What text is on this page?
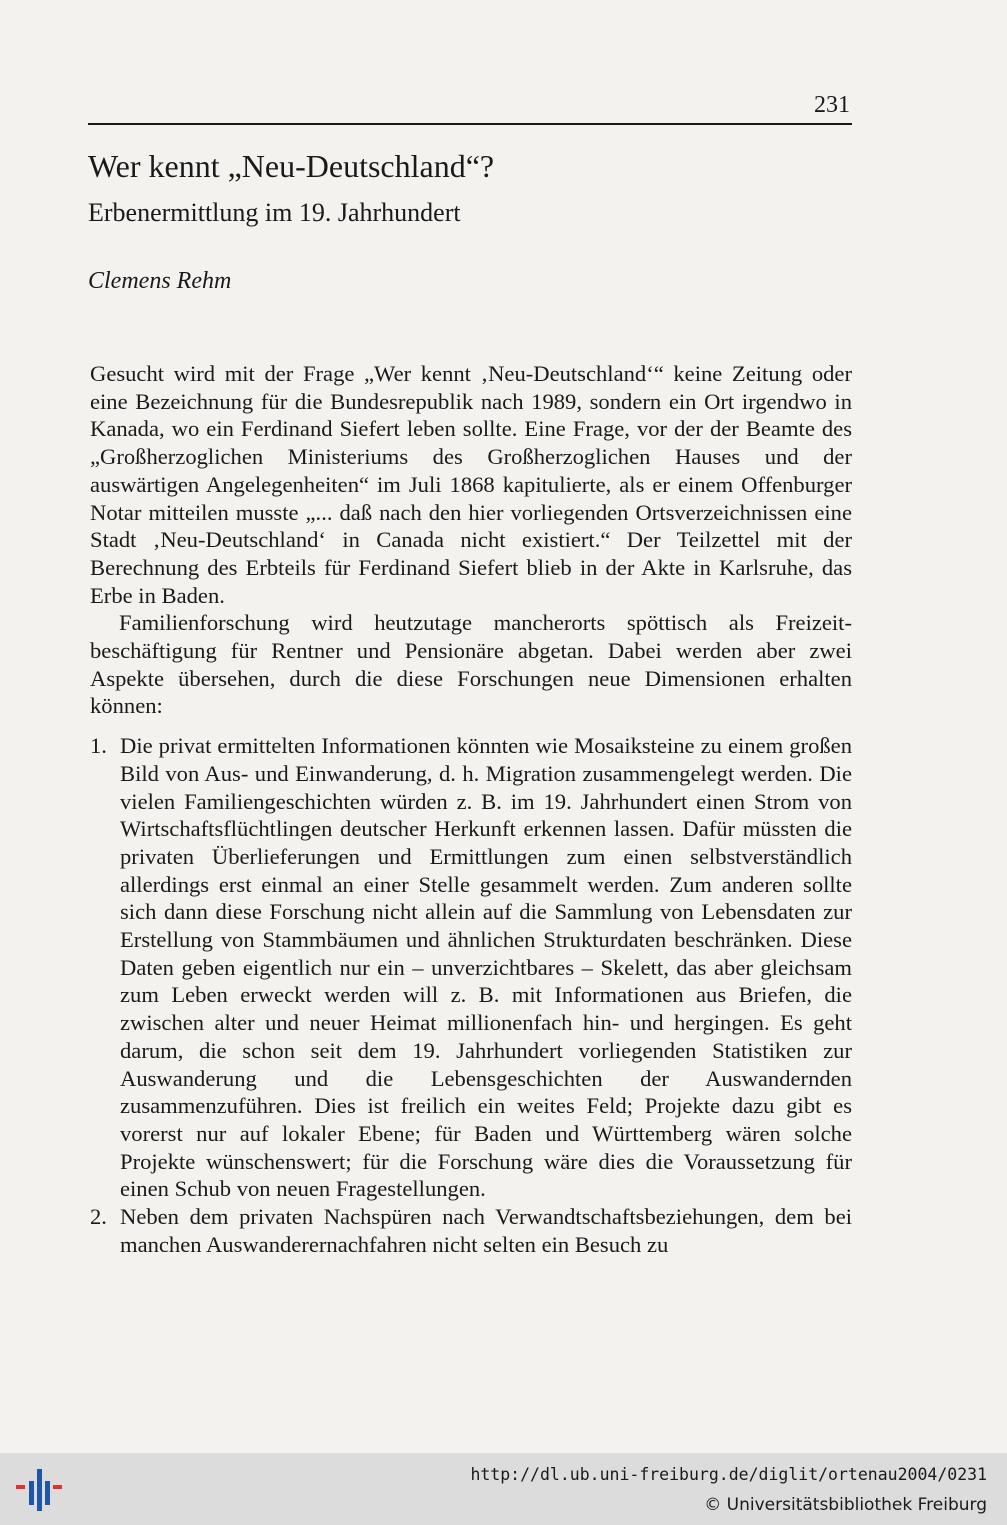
231
Wer kennt „Neu-Deutschland“?
Erbenermittlung im 19. Jahrhundert
Clemens Rehm

Gesucht wird mit der Frage „Wer kennt ‚Neu-Deutschland‘“ keine Zeitung oder eine Bezeichnung für die Bundesrepublik nach 1989, sondern ein Ort irgendwo in Kanada, wo ein Ferdinand Siefert leben sollte. Eine Frage, vor der der Beamte des „Großherzoglichen Ministeriums des Großherzoglichen Hauses und der auswärtigen Angelegenheiten“ im Juli 1868 kapitulierte, als er einem Offenburger Notar mitteilen musste „... daß nach den hier vorliegenden Ortsverzeichnissen eine Stadt ‚Neu-Deutschland‘ in Canada nicht existiert.“ Der Teilzettel mit der Berechnung des Erbteils für Ferdinand Siefert blieb in der Akte in Karlsruhe, das Erbe in Baden.

Familienforschung wird heutzutage mancherorts spöttisch als Freizeitbeschäftigung für Rentner und Pensionäre abgetan. Dabei werden aber zwei Aspekte übersehen, durch die diese Forschungen neue Dimensionen erhalten können:

1. Die privat ermittelten Informationen könnten wie Mosaiksteine zu einem großen Bild von Aus- und Einwanderung, d. h. Migration zusammengelegt werden. Die vielen Familiengeschichten würden z. B. im 19. Jahrhundert einen Strom von Wirtschaftsflüchtlingen deutscher Herkunft erkennen lassen. Dafür müssten die privaten Überlieferungen und Ermittlungen zum einen selbstverständlich allerdings erst einmal an einer Stelle gesammelt werden. Zum anderen sollte sich dann diese Forschung nicht allein auf die Sammlung von Lebensdaten zur Erstellung von Stammbäumen und ähnlichen Strukturdaten beschränken. Diese Daten geben eigentlich nur ein – unverzichtbares – Skelett, das aber gleichsam zum Leben erweckt werden will z. B. mit Informationen aus Briefen, die zwischen alter und neuer Heimat millionenfach hin- und hergingen. Es geht darum, die schon seit dem 19. Jahrhundert vorliegenden Statistiken zur Auswanderung und die Lebensgeschichten der Auswandernden zusammenzuführen. Dies ist freilich ein weites Feld; Projekte dazu gibt es vorerst nur auf lokaler Ebene; für Baden und Württemberg wären solche Projekte wünschenswert; für die Forschung wäre dies die Voraussetzung für einen Schub von neuen Fragestellungen.
2. Neben dem privaten Nachspüren nach Verwandtschaftsbeziehungen, dem bei manchen Auswanderernachfahren nicht selten ein Besuch zu
http://dl.ub.uni-freiburg.de/diglit/ortenau2004/0231
© Universitätsbibliothek Freiburg
